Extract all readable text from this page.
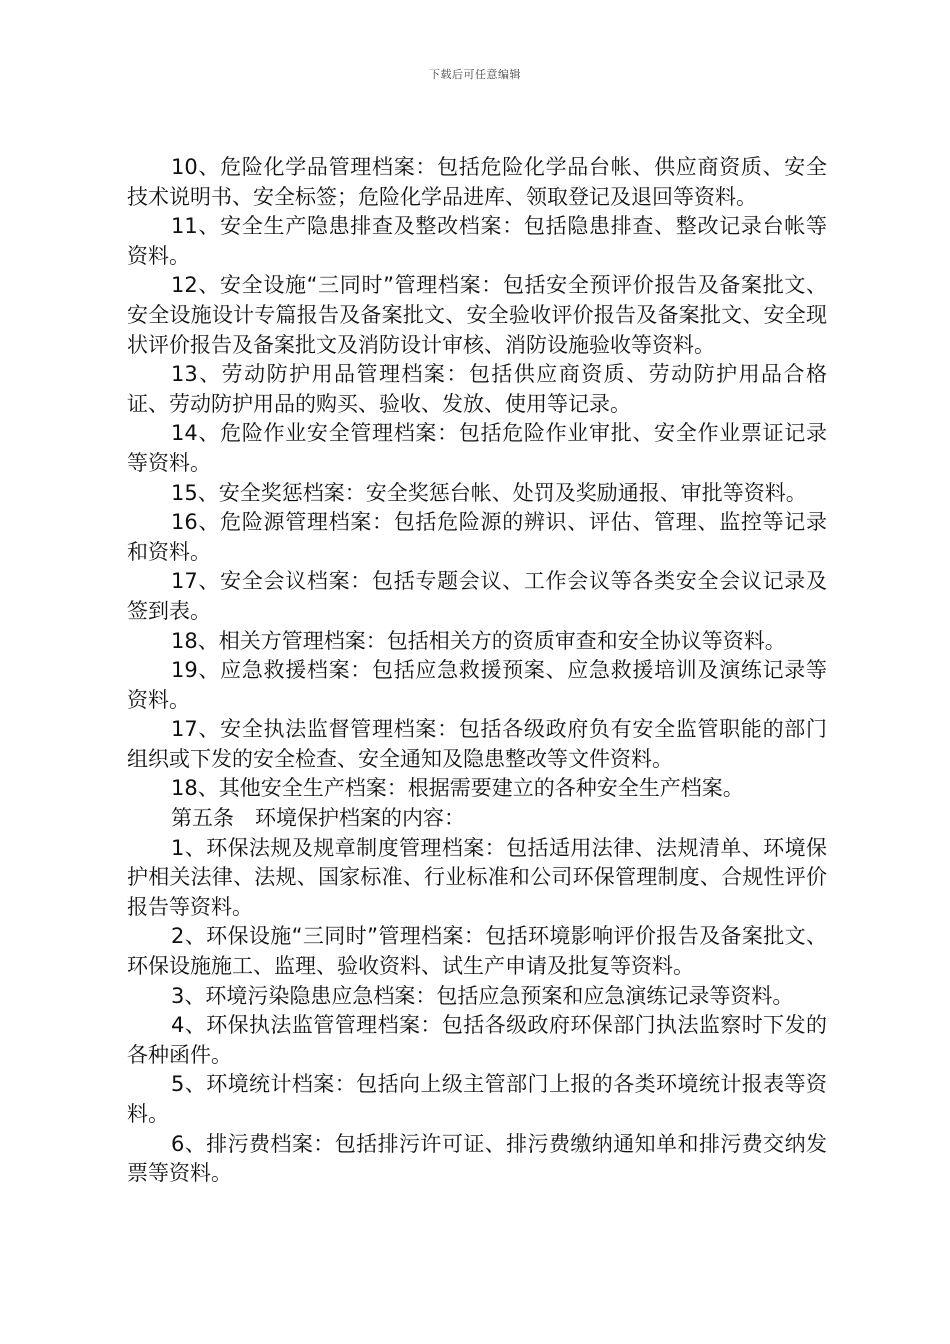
下载后可任意编辑

10、危险化学品管理档案：包括危险化学品台帐、供应商资质、安全技术说明书、安全标签；危险化学品进库、领取登记及退回等资料。

11、安全生产隐患排查及整改档案：包括隐患排查、整改记录台帐等资料。

12、安全设施“三同时”管理档案：包括安全预评价报告及备案批文、安全设施设计专篇报告及备案批文、安全验收评价报告及备案批文、安全现状评价报告及备案批文及消防设计审核、消防设施验收等资料。

13、劳动防护用品管理档案：包括供应商资质、劳动防护用品合格证、劳动防护用品的购买、验收、发放、使用等记录。

14、危险作业安全管理档案：包括危险作业审批、安全作业票证记录等资料。

15、安全奖惩档案：安全奖惩台帐、处罚及奖励通报、审批等资料。

16、危险源管理档案：包括危险源的辨识、评估、管理、监控等记录和资料。

17、安全会议档案：包括专题会议、工作会议等各类安全会议记录及签到表。

18、相关方管理档案：包括相关方的资质审查和安全协议等资料。

19、应急救援档案：包括应急救援预案、应急救援培训及演练记录等资料。

17、安全执法监督管理档案：包括各级政府负有安全监管职能的部门组织或下发的安全检查、安全通知及隐患整改等文件资料。

18、其他安全生产档案：根据需要建立的各种安全生产档案。

第五条　环境保护档案的内容：

1、环保法规及规章制度管理档案：包括适用法律、法规清单、环境保护相关法律、法规、国家标准、行业标准和公司环保管理制度、合规性评价报告等资料。

2、环保设施“三同时”管理档案：包括环境影响评价报告及备案批文、环保设施施工、监理、验收资料、试生产申请及批复等资料。

3、环境污染隐患应急档案：包括应急预案和应急演练记录等资料。

4、环保执法监管管理档案：包括各级政府环保部门执法监察时下发的各种函件。

5、环境统计档案：包括向上级主管部门上报的各类环境统计报表等资料。

6、排污费档案：包括排污许可证、排污费缴纳通知单和排污费交纳发票等资料。
